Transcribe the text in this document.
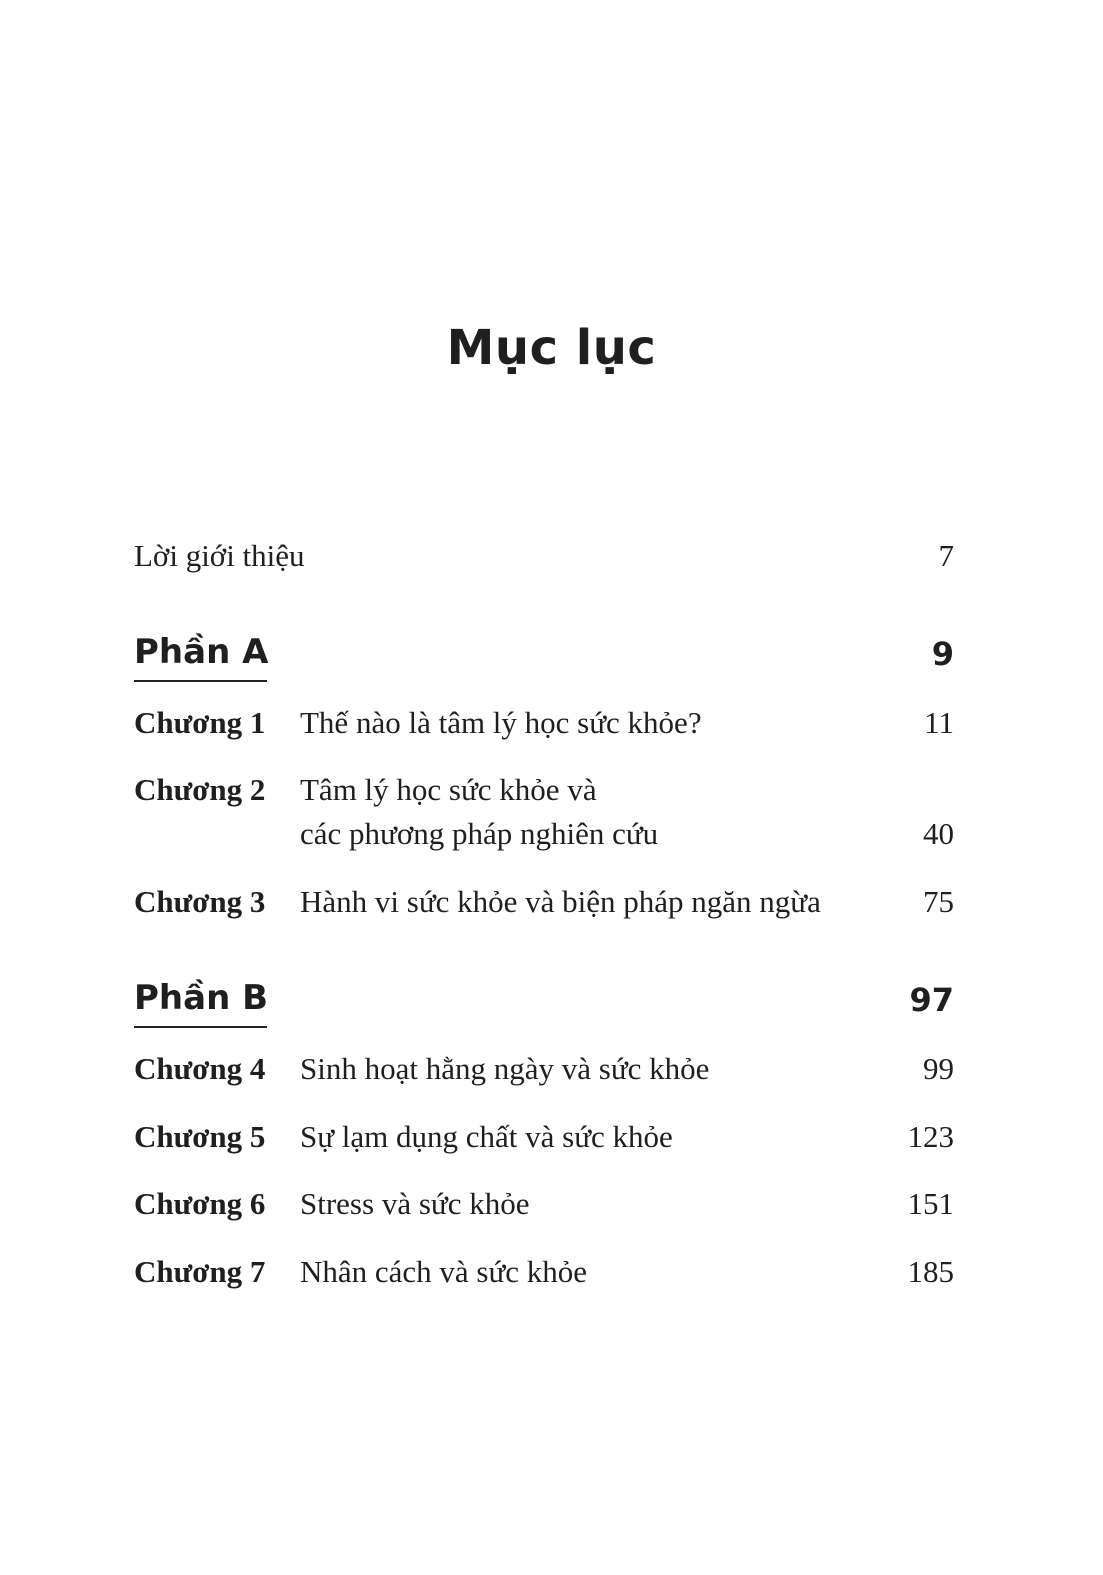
Mục lục
Lời giới thiệu	7
Phần A	9
Chương 1 Thế nào là tâm lý học sức khỏe?	11
Chương 2 Tâm lý học sức khỏe và
các phương pháp nghiên cứu	40
Chương 3 Hành vi sức khỏe và biện pháp ngăn ngừa	75
Phần B	97
Chương 4 Sinh hoạt hằng ngày và sức khỏe	99
Chương 5 Sự lạm dụng chất và sức khỏe	123
Chương 6 Stress và sức khỏe	151
Chương 7 Nhân cách và sức khỏe	185
